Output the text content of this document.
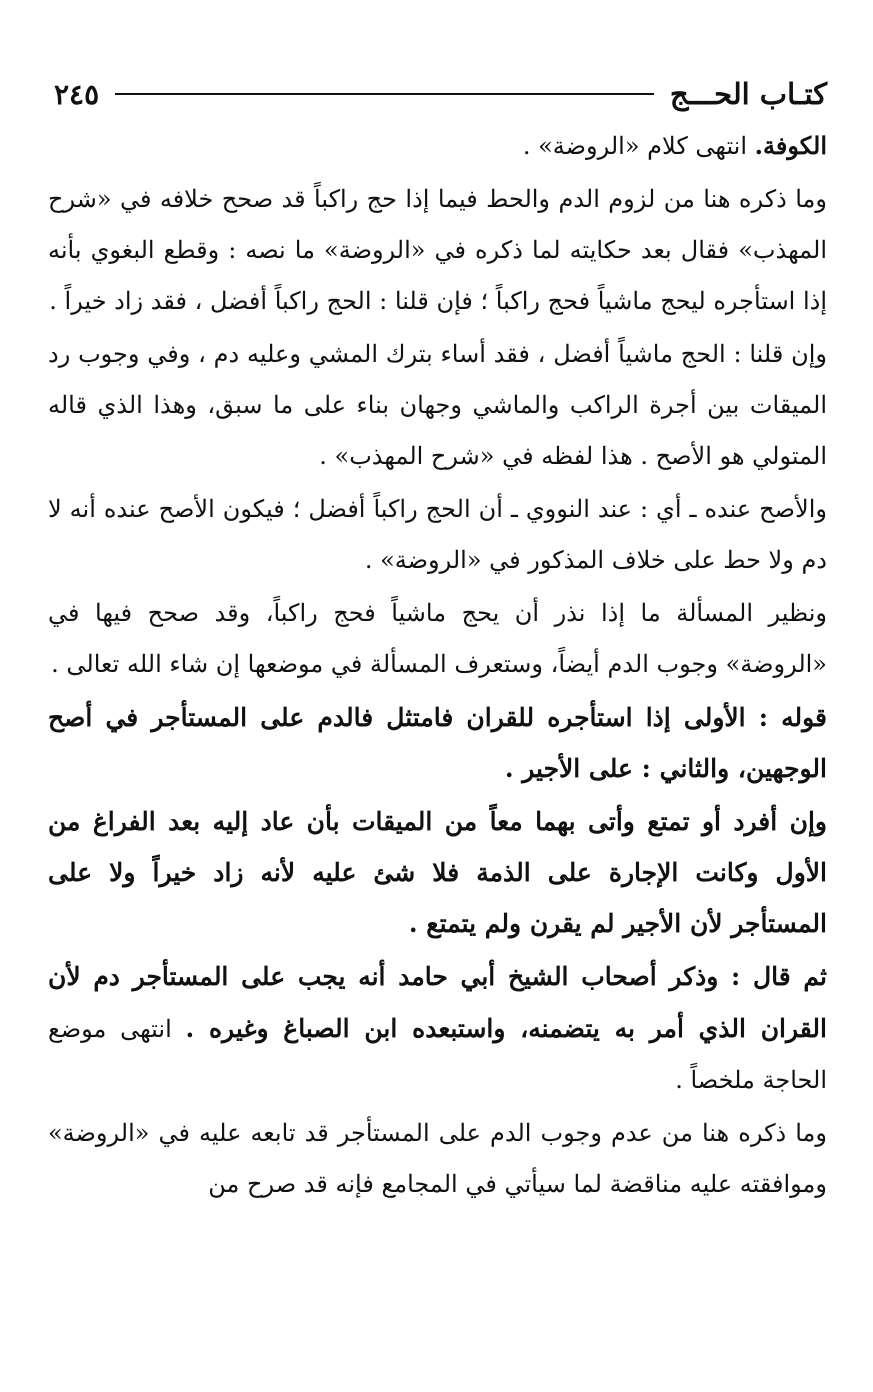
كتـاب الحـــج
٢٤٥

الكوفة. انتهى كلام «الروضة» .

وما ذكره هنا من لزوم الدم والحط فيما إذا حج راكباً قد صحح خلافه في «شرح المهذب» فقال بعد حكايته لما ذكره في «الروضة» ما نصه : وقطع البغوي بأنه إذا استأجره ليحج ماشياً فحج راكباً ؛ فإن قلنا : الحج راكباً أفضل ، فقد زاد خيراً .

وإن قلنا : الحج ماشياً أفضل ، فقد أساء بترك المشي وعليه دم ، وفي وجوب رد الميقات بين أجرة الراكب والماشي وجهان بناء على ما سبق، وهذا الذي قاله المتولي هو الأصح . هذا لفظه في «شرح المهذب» .

والأصح عنده ـ أي : عند النووي ـ أن الحج راكباً أفضل ؛ فيكون الأصح عنده أنه لا دم ولا حط على خلاف المذكور في «الروضة» .

ونظير المسألة ما إذا نذر أن يحج ماشياً فحج راكباً، وقد صحح فيها في «الروضة» وجوب الدم أيضاً، وستعرف المسألة في موضعها إن شاء الله تعالى .

قوله : الأولى إذا استأجره للقران فامتثل فالدم على المستأجر في أصح الوجهين، والثاني : على الأجير .

وإن أفرد أو تمتع وأتى بهما معاً من الميقات بأن عاد إليه بعد الفراغ من الأول وكانت الإجارة على الذمة فلا شئ عليه لأنه زاد خيراً ولا على المستأجر لأن الأجير لم يقرن ولم يتمتع .

ثم قال : وذكر أصحاب الشيخ أبي حامد أنه يجب على المستأجر دم لأن القران الذي أمر به يتضمنه، واستبعده ابن الصباغ وغيره . انتهى موضع الحاجة ملخصاً .

وما ذكره هنا من عدم وجوب الدم على المستأجر قد تابعه عليه في «الروضة» وموافقته عليه مناقضة لما سيأتي في المجامع فإنه قد صرح من
